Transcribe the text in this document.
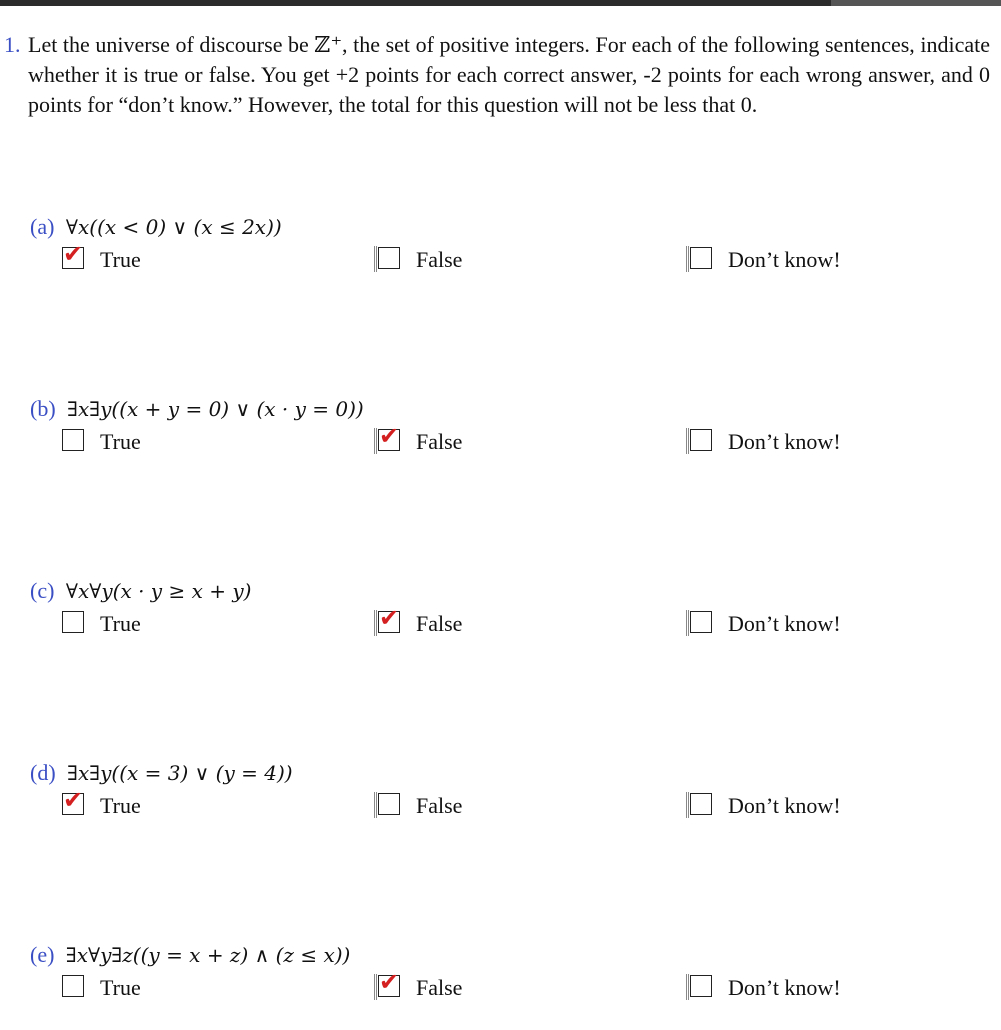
1. Let the universe of discourse be ℤ⁺, the set of positive integers. For each of the following sentences, indicate whether it is true or false. You get +2 points for each correct answer, -2 points for each wrong answer, and 0 points for “don’t know.” However, the total for this question will not be less that 0.
(a) ∀x((x < 0) ∨ (x ≤ 2x))
✔ True	False	Don’t know!
(b) ∃x∃y((x + y = 0) ∨ (x · y = 0))
True	✔ False	Don’t know!
(c) ∀x∀y(x · y ≥ x + y)
True	✔ False	Don’t know!
(d) ∃x∃y((x = 3) ∨ (y = 4))
✔ True	False	Don’t know!
(e) ∃x∀y∃z((y = x + z) ∧ (z ≤ x))
True	✔ False	Don’t know!
